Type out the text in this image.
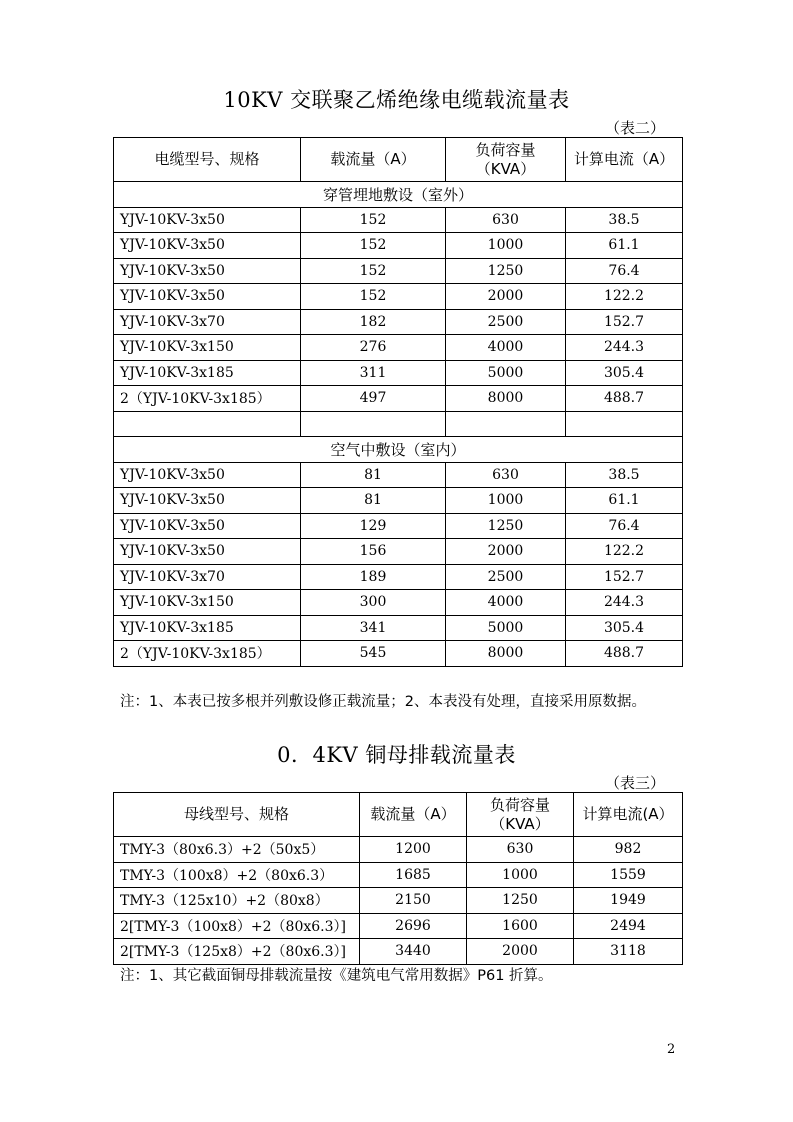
10KV 交联聚乙烯绝缘电缆载流量表
（表二）
电缆型号、规格	载流量（A）	负荷容量（KVA）	计算电流（A）
穿管埋地敷设（室外）			
YJV-10KV-3x50	152	630	38.5
YJV-10KV-3x50	152	1000	61.1
YJV-10KV-3x50	152	1250	76.4
YJV-10KV-3x50	152	2000	122.2
YJV-10KV-3x70	182	2500	152.7
YJV-10KV-3x150	276	4000	244.3
YJV-10KV-3x185	311	5000	305.4
2（YJV-10KV-3x185）	497	8000	488.7

空气中敷设（室内）			
YJV-10KV-3x50	81	630	38.5
YJV-10KV-3x50	81	1000	61.1
YJV-10KV-3x50	129	1250	76.4
YJV-10KV-3x50	156	2000	122.2
YJV-10KV-3x70	189	2500	152.7
YJV-10KV-3x150	300	4000	244.3
YJV-10KV-3x185	341	5000	305.4
2（YJV-10KV-3x185）	545	8000	488.7
注：1、本表已按多根并列敷设修正载流量；2、本表没有处理，直接采用原数据。
0．4KV 铜母排载流量表
（表三）
母线型号、规格	载流量（A）	负荷容量（KVA）	计算电流(A）
TMY-3（80x6.3）+2（50x5）	1200	630	982
TMY-3（100x8）+2（80x6.3）	1685	1000	1559
TMY-3（125x10）+2（80x8）	2150	1250	1949
2[TMY-3（100x8）+2（80x6.3）]	2696	1600	2494
2[TMY-3（125x8）+2（80x6.3）]	3440	2000	3118
注：1、其它截面铜母排载流量按《建筑电气常用数据》P61 折算。
2
